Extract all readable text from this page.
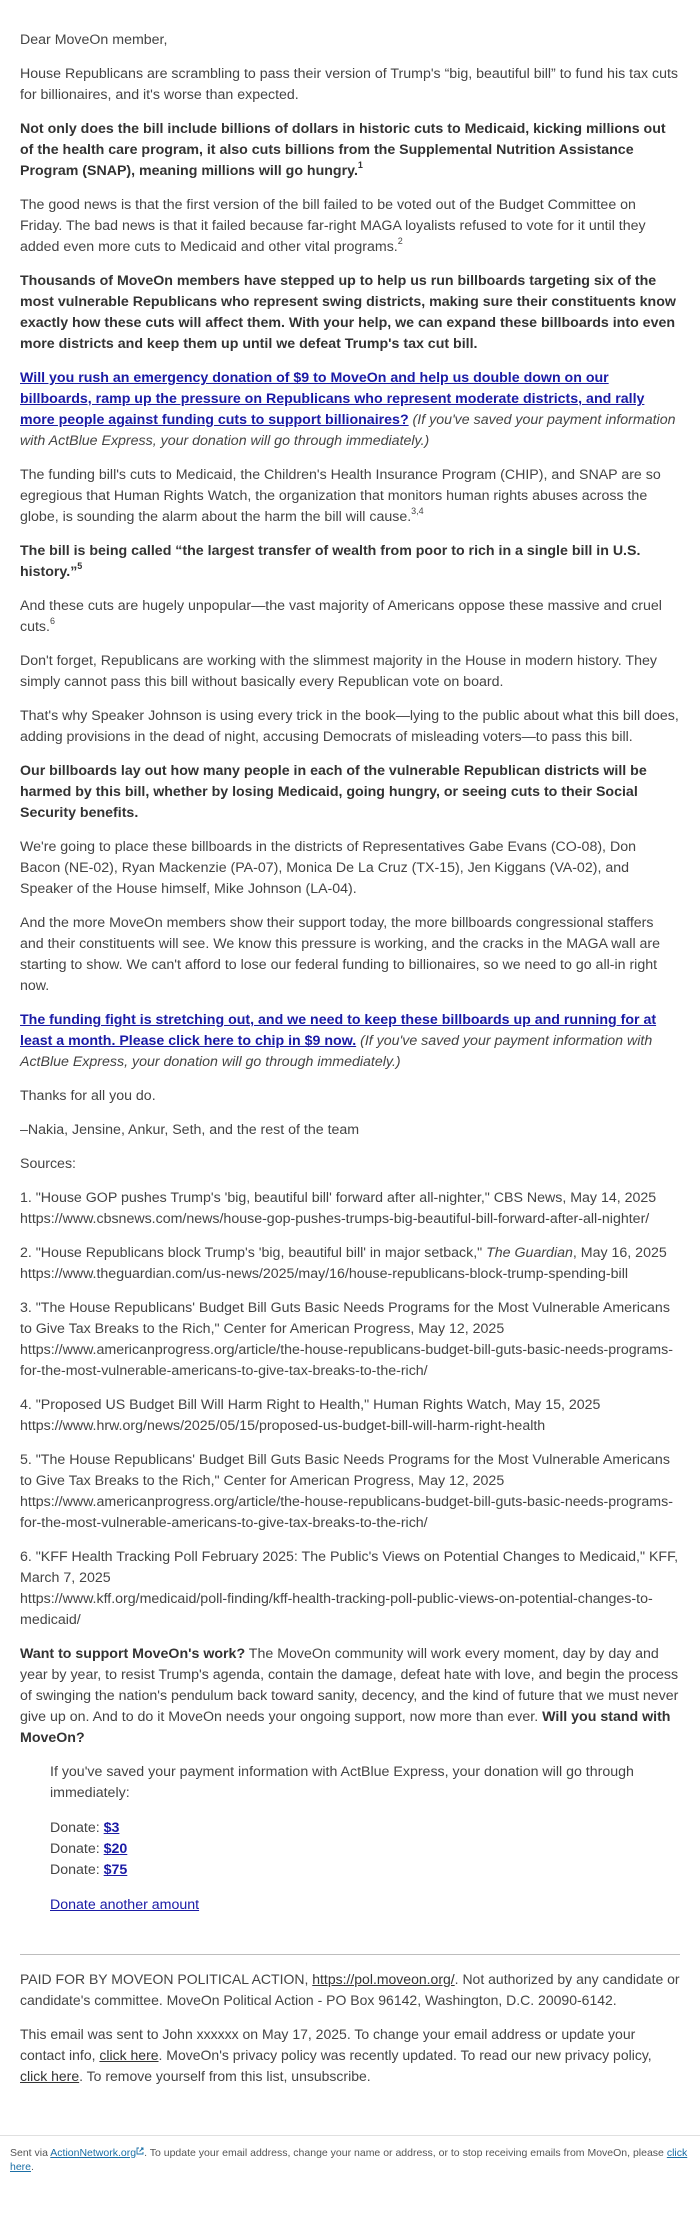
Dear MoveOn member,

House Republicans are scrambling to pass their version of Trump's “big, beautiful bill” to fund his tax cuts for billionaires, and it's worse than expected.

Not only does the bill include billions of dollars in historic cuts to Medicaid, kicking millions out of the health care program, it also cuts billions from the Supplemental Nutrition Assistance Program (SNAP), meaning millions will go hungry.$^1$

The good news is that the first version of the bill failed to be voted out of the Budget Committee on Friday. The bad news is that it failed because far-right MAGA loyalists refused to vote for it until they added even more cuts to Medicaid and other vital programs.$^2$

Thousands of MoveOn members have stepped up to help us run billboards targeting six of the most vulnerable Republicans who represent swing districts, making sure their constituents know exactly how these cuts will affect them. With your help, we can expand these billboards into even more districts and keep them up until we defeat Trump's tax cut bill.

Will you rush an emergency donation of $9 to MoveOn and help us double down on our billboards, ramp up the pressure on Republicans who represent moderate districts, and rally more people against funding cuts to support billionaires? (If you've saved your payment information with ActBlue Express, your donation will go through immediately.)

The funding bill's cuts to Medicaid, the Children's Health Insurance Program (CHIP), and SNAP are so egregious that Human Rights Watch, the organization that monitors human rights abuses across the globe, is sounding the alarm about the harm the bill will cause.$^{3,4}$

The bill is being called “the largest transfer of wealth from poor to rich in a single bill in U.S. history.”$^5$

And these cuts are hugely unpopular—the vast majority of Americans oppose these massive and cruel cuts.$^6$

Don't forget, Republicans are working with the slimmest majority in the House in modern history. They simply cannot pass this bill without basically every Republican vote on board.

That's why Speaker Johnson is using every trick in the book—lying to the public about what this bill does, adding provisions in the dead of night, accusing Democrats of misleading voters—to pass this bill.

Our billboards lay out how many people in each of the vulnerable Republican districts will be harmed by this bill, whether by losing Medicaid, going hungry, or seeing cuts to their Social Security benefits.

We're going to place these billboards in the districts of Representatives Gabe Evans (CO-08), Don Bacon (NE-02), Ryan Mackenzie (PA-07), Monica De La Cruz (TX-15), Jen Kiggans (VA-02), and Speaker of the House himself, Mike Johnson (LA-04).

And the more MoveOn members show their support today, the more billboards congressional staffers and their constituents will see. We know this pressure is working, and the cracks in the MAGA wall are starting to show. We can't afford to lose our federal funding to billionaires, so we need to go all-in right now.

The funding fight is stretching out, and we need to keep these billboards up and running for at least a month. Please click here to chip in $9 now. (If you've saved your payment information with ActBlue Express, your donation will go through immediately.)

Thanks for all you do.

–Nakia, Jensine, Ankur, Seth, and the rest of the team

Sources:

1. "House GOP pushes Trump's 'big, beautiful bill' forward after all-nighter," CBS News, May 14, 2025
https://www.cbsnews.com/news/house-gop-pushes-trumps-big-beautiful-bill-forward-after-all-nighter/
2. "House Republicans block Trump's 'big, beautiful bill' in major setback," The Guardian, May 16, 2025
https://www.theguardian.com/us-news/2025/may/16/house-republicans-block-trump-spending-bill
3. "The House Republicans' Budget Bill Guts Basic Needs Programs for the Most Vulnerable Americans to Give Tax Breaks to the Rich," Center for American Progress, May 12, 2025
https://www.americanprogress.org/article/the-house-republicans-budget-bill-guts-basic-needs-programs-for-the-most-vulnerable-americans-to-give-tax-breaks-to-the-rich/
4. "Proposed US Budget Bill Will Harm Right to Health," Human Rights Watch, May 15, 2025
https://www.hrw.org/news/2025/05/15/proposed-us-budget-bill-will-harm-right-health
5. "The House Republicans' Budget Bill Guts Basic Needs Programs for the Most Vulnerable Americans to Give Tax Breaks to the Rich," Center for American Progress, May 12, 2025
https://www.americanprogress.org/article/the-house-republicans-budget-bill-guts-basic-needs-programs-for-the-most-vulnerable-americans-to-give-tax-breaks-to-the-rich/
6. "KFF Health Tracking Poll February 2025: The Public's Views on Potential Changes to Medicaid," KFF, March 7, 2025
https://www.kff.org/medicaid/poll-finding/kff-health-tracking-poll-public-views-on-potential-changes-to-medicaid/

Want to support MoveOn's work? The MoveOn community will work every moment, day by day and year by year, to resist Trump's agenda, contain the damage, defeat hate with love, and begin the process of swinging the nation's pendulum back toward sanity, decency, and the kind of future that we must never give up on. And to do it MoveOn needs your ongoing support, now more than ever. Will you stand with MoveOn?

If you've saved your payment information with ActBlue Express, your donation will go through immediately:

Donate: $3
Donate: $20
Donate: $75

Donate another amount

PAID FOR BY MOVEON POLITICAL ACTION, https://pol.moveon.org/. Not authorized by any candidate or candidate's committee. MoveOn Political Action - PO Box 96142, Washington, D.C. 20090-6142.

This email was sent to John xxxxxx on May 17, 2025. To change your email address or update your contact info, click here. MoveOn's privacy policy was recently updated. To read our new privacy policy, click here. To remove yourself from this list, unsubscribe.

Sent via ActionNetwork.org . To update your email address, change your name or address, or to stop receiving emails from MoveOn, please click here.
